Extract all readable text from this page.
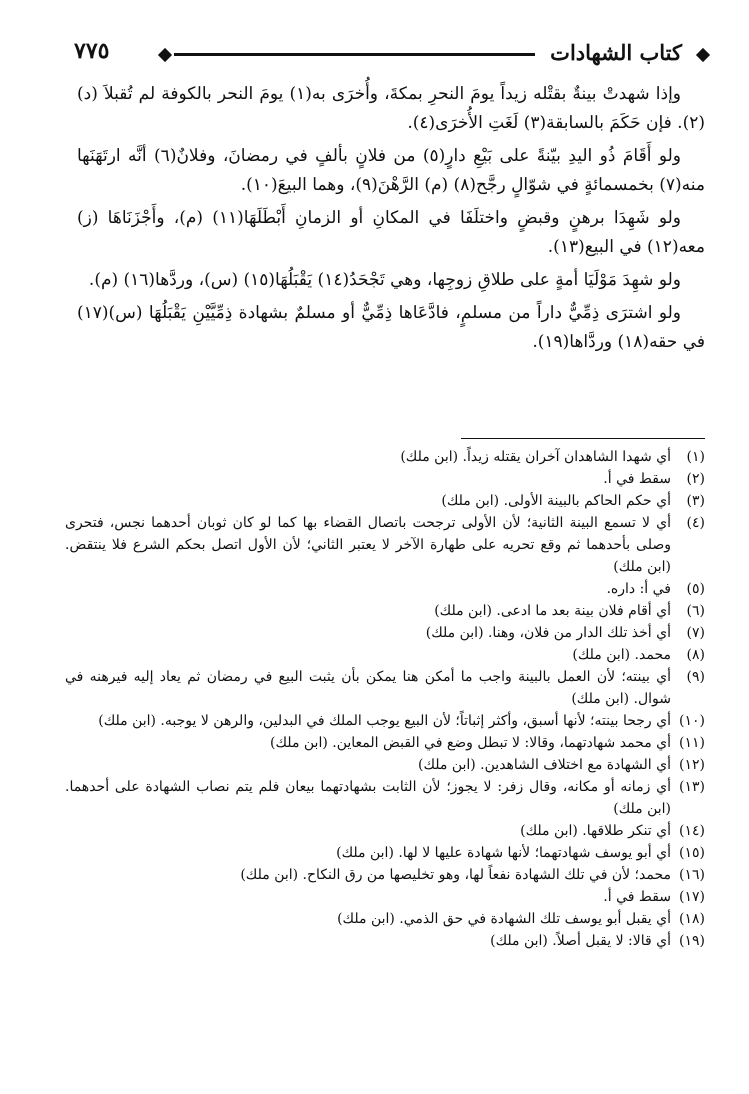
كتاب الشهادات
٧٧٥

وإذا شهدتْ بينةٌ بقتْله زيداً يومَ النحرِ بمكةَ، وأُخرَى به(١) يومَ النحر بالكوفة لم تُقبلاَ (د)(٢). فإن حَكَمَ بالسابقة(٣) لَغَتِ الأُخرَى(٤).

ولو أَقَامَ ذُو اليدِ بيّنةً على بَيْعِ دارٍ(٥) من فلانٍ بألفٍ في رمضانَ، وفلانٌ(٦) أنَّه ارتَهَنَها منه(٧) بخمسمائةٍ في شوّالٍ رجَّح(٨) (م) الرَّهْنَ(٩)، وهما البيعَ(١٠).

ولو شَهِدَا برهنٍ وقبضٍ واختلَفَا في المكانِ أو الزمانِ أَبْطَلَهَا(١١) (م)، وأَجْزَنَاهَا (ز) معه(١٢) في البيع(١٣).

ولو شهِدَ مَوْلَيَا أمةٍ على طلاقِ زوجِها، وهي تَجْحَدُ(١٤) يَقْبَلُهَا(١٥) (س)، وردَّها(١٦) (م).

ولو اشترَى ذِمِّيٌّ داراً من مسلمٍ، فادَّعَاها ذِمِّيٌّ أو مسلمٌ بشهادة ذِمِّيَّيْنِ يَقْبَلُهَا (س)(١٧) في حقه(١٨) وردَّاها(١٩).

(١)أي شهدا الشاهدان آخران يقتله زيداً. (ابن ملك)

(٢)سقط في أ.

(٣)أي حكم الحاكم بالبينة الأولى. (ابن ملك)

(٤)أي لا تسمع البينة الثانية؛ لأن الأولى ترجحت باتصال القضاء بها كما لو كان ثوبان أحدهما نجس، فتحرى وصلى بأحدهما ثم وقع تحريه على طهارة الآخر لا يعتبر الثاني؛ لأن الأول اتصل بحكم الشرع فلا ينتقض. (ابن ملك)

(٥)في أ: داره.

(٦)أي أقام فلان بينة بعد ما ادعى. (ابن ملك)

(٧)أي أخذ تلك الدار من فلان، وهنا. (ابن ملك)

(٨)محمد. (ابن ملك)

(٩)أي بينته؛ لأن العمل بالبينة واجب ما أمكن هنا يمكن بأن يثبت البيع في رمضان ثم يعاد إليه فيرهنه في شوال. (ابن ملك)

(١٠)أي رجحا بينته؛ لأنها أسبق، وأكثر إثباتاً؛ لأن البيع يوجب الملك في البدلين، والرهن لا يوجبه. (ابن ملك)

(١١)أي محمد شهادتهما، وقالا: لا تبطل وضع في القبض المعاين. (ابن ملك)

(١٢)أي الشهادة مع اختلاف الشاهدين. (ابن ملك)

(١٣)أي زمانه أو مكانه، وقال زفر: لا يجوز؛ لأن الثابت بشهادتهما بيعان فلم يتم نصاب الشهادة على أحدهما. (ابن ملك)

(١٤)أي تنكر طلاقها. (ابن ملك)

(١٥)أي أبو يوسف شهادتهما؛ لأنها شهادة عليها لا لها. (ابن ملك)

(١٦)محمد؛ لأن في تلك الشهادة نفعاً لها، وهو تخليصها من رق النكاح. (ابن ملك)

(١٧)سقط في أ.

(١٨)أي يقبل أبو يوسف تلك الشهادة في حق الذمي. (ابن ملك)

(١٩)أي قالا: لا يقبل أصلاً. (ابن ملك)
